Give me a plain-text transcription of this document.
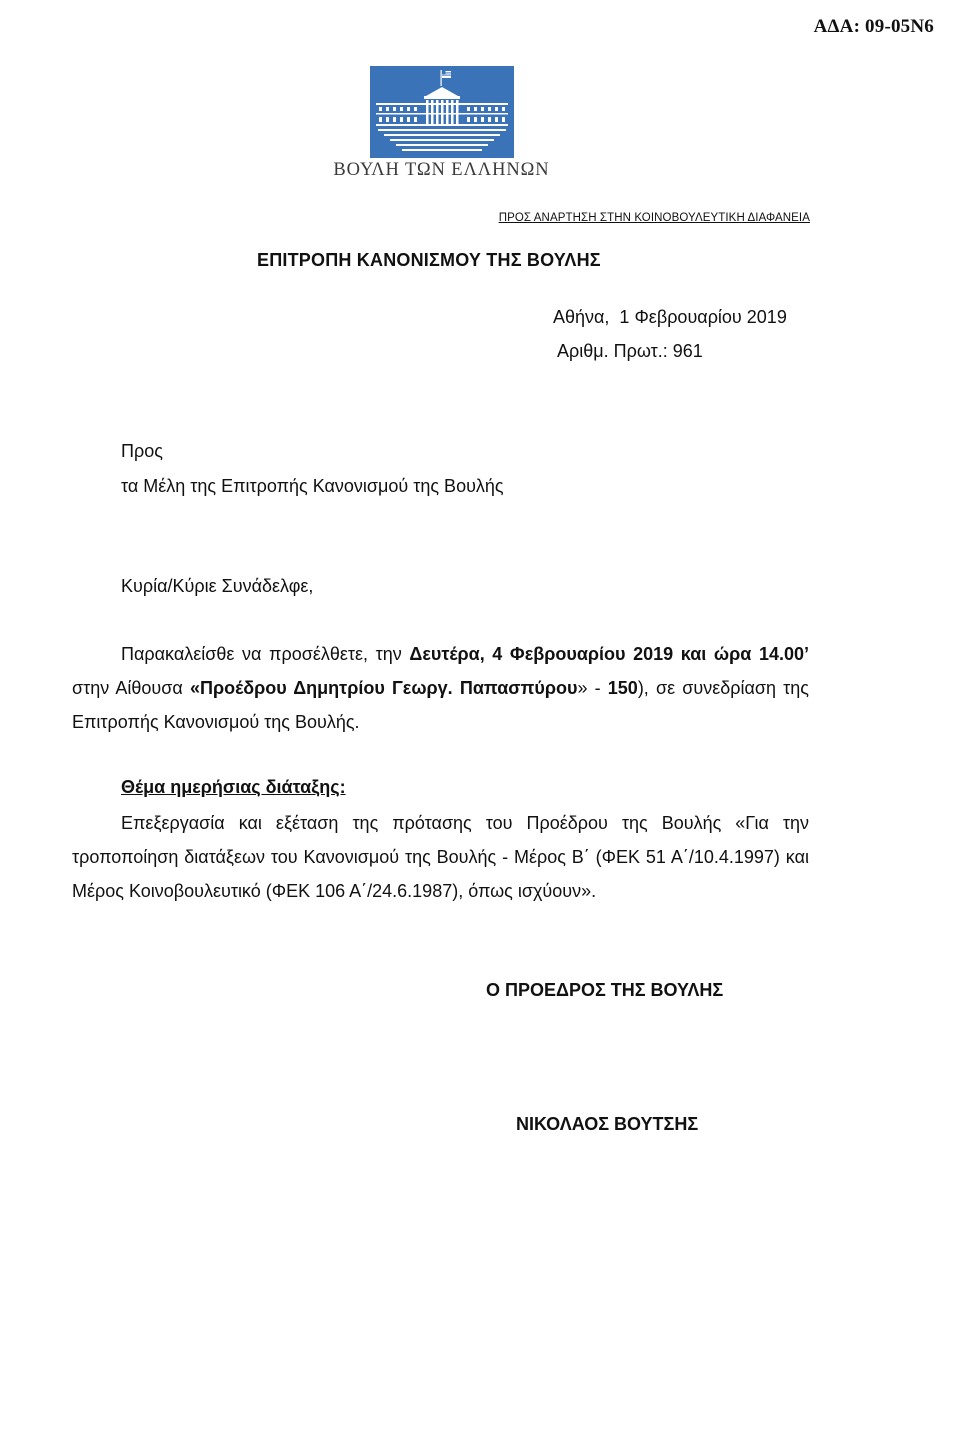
ΑΔΑ: 09-05Ν6
ΒΟΥΛΗ ΤΩΝ ΕΛΛΗΝΩΝ
ΠΡΟΣ ΑΝΑΡΤΗΣΗ ΣΤΗΝ ΚΟΙΝΟΒΟΥΛΕΥΤΙΚΗ ΔΙΑΦΑΝΕΙΑ
ΕΠΙΤΡΟΠΗ ΚΑΝΟΝΙΣΜΟΥ ΤΗΣ ΒΟΥΛΗΣ
Αθήνα,  1 Φεβρουαρίου 2019
Αριθμ. Πρωτ.: 961
Προς
τα Μέλη της Επιτροπής Κανονισμού της Βουλής
Κυρία/Κύριε Συνάδελφε,
Παρακαλείσθε να προσέλθετε, την Δευτέρα, 4 Φεβρουαρίου 2019 και ώρα 14.00’ στην Αίθουσα «Προέδρου Δημητρίου Γεωργ. Παπασπύρου» - 150), σε συνεδρίαση της Επιτροπής Κανονισμού της Βουλής.
Θέμα ημερήσιας διάταξης:
Επεξεργασία και εξέταση της πρότασης του Προέδρου της Βουλής «Για την τροποποίηση διατάξεων του Κανονισμού της Βουλής - Μέρος Β΄ (ΦΕΚ 51 Α΄/10.4.1997) και Μέρος Κοινοβουλευτικό (ΦΕΚ 106 Α΄/24.6.1987), όπως ισχύουν».
Ο ΠΡΟΕΔΡΟΣ ΤΗΣ ΒΟΥΛΗΣ
ΝΙΚΟΛΑΟΣ ΒΟΥΤΣΗΣ
